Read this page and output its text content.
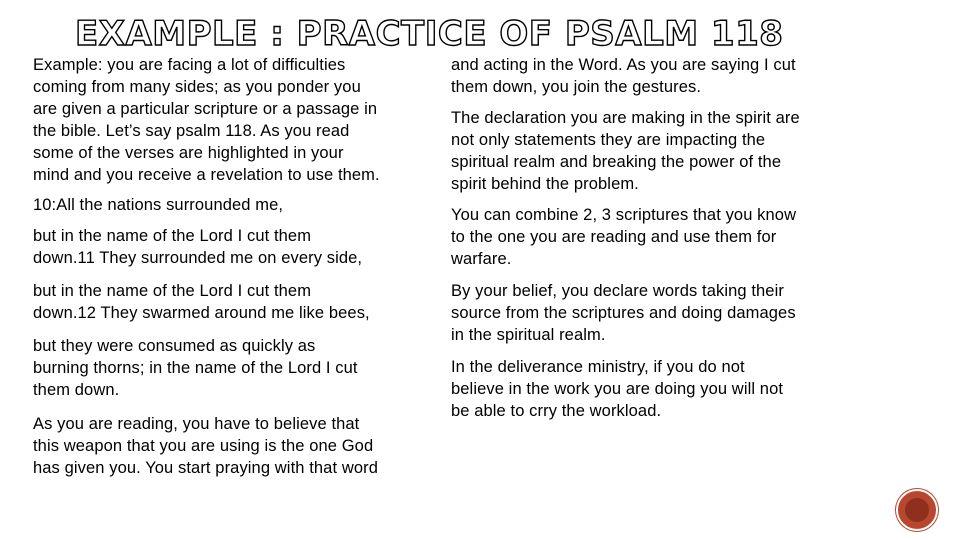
EXAMPLE : PRACTICE OF PSALM 118

Example: you are facing a lot of difficulties
coming from many sides; as you ponder you
are given a particular scripture or a passage in
the bible. Let’s say psalm 118. As you read
some of the verses are highlighted in your
mind and you receive a revelation to use them.

10:All the nations surrounded me,

but in the name of the Lord I cut them
down.11 They surrounded me on every side,

but in the name of the Lord I cut them
down.12 They swarmed around me like bees,

but they were consumed as quickly as
burning thorns; in the name of the Lord I cut
them down.

As you are reading, you have to believe that
this weapon that you are using is the one God
has given you. You start praying with that word

and acting in the Word. As you are saying I cut
them down, you join the gestures.

The declaration you are making in the spirit are
not only statements they are impacting the
spiritual realm and breaking the power of the
spirit behind the problem.

You can combine 2, 3 scriptures that you know
to the one you are reading and use them for
warfare.

By your belief, you declare words taking their
source from the scriptures and doing damages
in the spiritual realm.

In the deliverance ministry, if you do not
believe in the work you are doing you will not
be able to crry the workload.
